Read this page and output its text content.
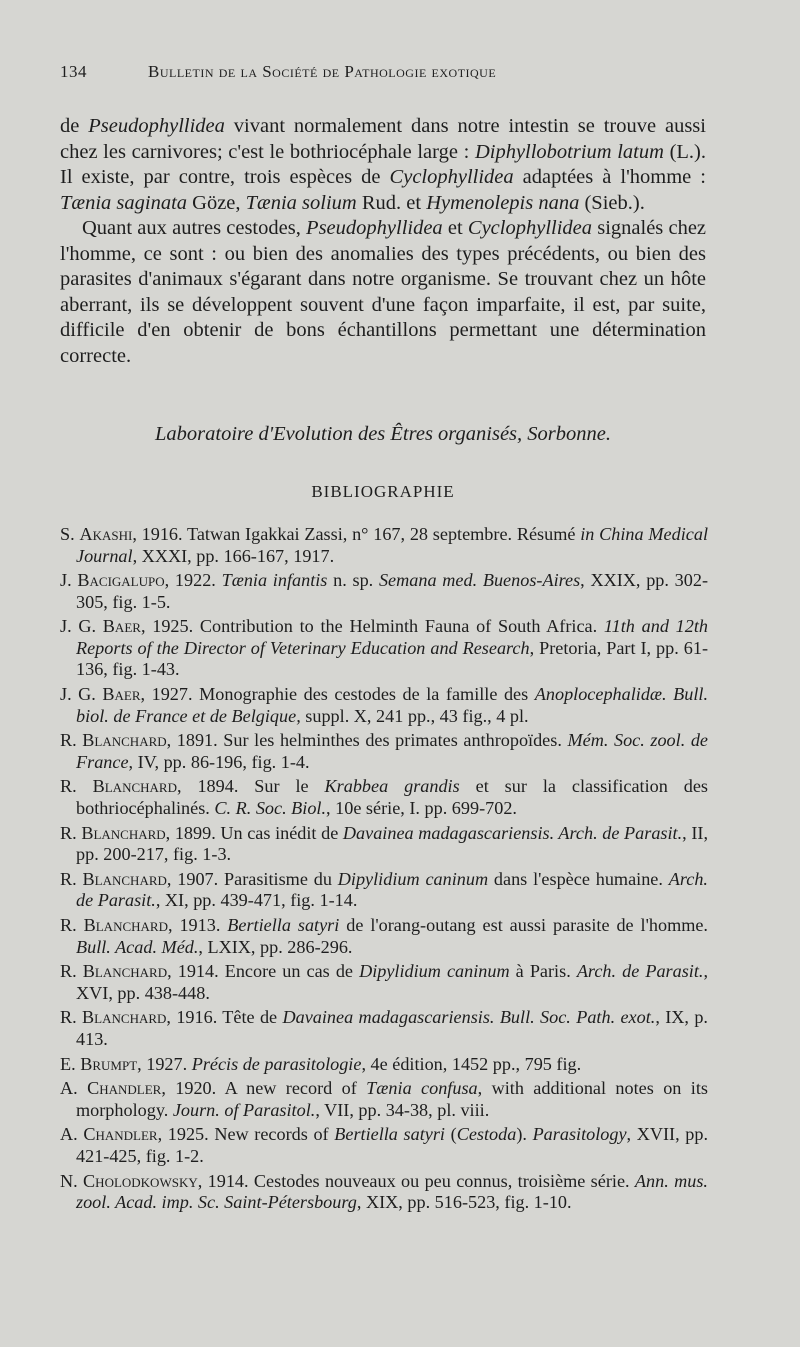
134	Bulletin de la Société de Pathologie exotique

de Pseudophyllidea vivant normalement dans notre intestin se trouve aussi chez les carnivores; c'est le bothriocéphale large : Diphyllobotrium latum (L.). Il existe, par contre, trois espèces de Cyclophyllidea adaptées à l'homme : Tænia saginata Göze, Tænia solium Rud. et Hymenolepis nana (Sieb.).

Quant aux autres cestodes, Pseudophyllidea et Cyclophyllidea signalés chez l'homme, ce sont : ou bien des anomalies des types précédents, ou bien des parasites d'animaux s'égarant dans notre organisme. Se trouvant chez un hôte aberrant, ils se développent souvent d'une façon imparfaite, il est, par suite, difficile d'en obtenir de bons échantillons permettant une détermination correcte.

Laboratoire d'Evolution des Êtres organisés, Sorbonne.
BIBLIOGRAPHIE
S. Akashi, 1916. Tatwan Igakkai Zassi, n° 167, 28 septembre. Résumé in China Medical Journal, XXXI, pp. 166-167, 1917.
J. Bacigalupo, 1922. Tænia infantis n. sp. Semana med. Buenos-Aires, XXIX, pp. 302-305, fig. 1-5.
J. G. Baer, 1925. Contribution to the Helminth Fauna of South Africa. 11th and 12th Reports of the Director of Veterinary Education and Research, Pretoria, Part I, pp. 61-136, fig. 1-43.
J. G. Baer, 1927. Monographie des cestodes de la famille des Anoplocephalidæ. Bull. biol. de France et de Belgique, suppl. X, 241 pp., 43 fig., 4 pl.
R. Blanchard, 1891. Sur les helminthes des primates anthropoïdes. Mém. Soc. zool. de France, IV, pp. 86-196, fig. 1-4.
R. Blanchard, 1894. Sur le Krabbea grandis et sur la classification des bothriocéphalinés. C. R. Soc. Biol., 10e série, I. pp. 699-702.
R. Blanchard, 1899. Un cas inédit de Davainea madagascariensis. Arch. de Parasit., II, pp. 200-217, fig. 1-3.
R. Blanchard, 1907. Parasitisme du Dipylidium caninum dans l'espèce humaine. Arch. de Parasit., XI, pp. 439-471, fig. 1-14.
R. Blanchard, 1913. Bertiella satyri de l'orang-outang est aussi parasite de l'homme. Bull. Acad. Méd., LXIX, pp. 286-296.
R. Blanchard, 1914. Encore un cas de Dipylidium caninum à Paris. Arch. de Parasit., XVI, pp. 438-448.
R. Blanchard, 1916. Tête de Davainea madagascariensis. Bull. Soc. Path. exot., IX, p. 413.
E. Brumpt, 1927. Précis de parasitologie, 4e édition, 1452 pp., 795 fig.
A. Chandler, 1920. A new record of Tænia confusa, with additional notes on its morphology. Journ. of Parasitol., VII, pp. 34-38, pl. viii.
A. Chandler, 1925. New records of Bertiella satyri (Cestoda). Parasitology, XVII, pp. 421-425, fig. 1-2.
N. Cholodkowsky, 1914. Cestodes nouveaux ou peu connus, troisième série. Ann. mus. zool. Acad. imp. Sc. Saint-Pétersbourg, XIX, pp. 516-523, fig. 1-10.
